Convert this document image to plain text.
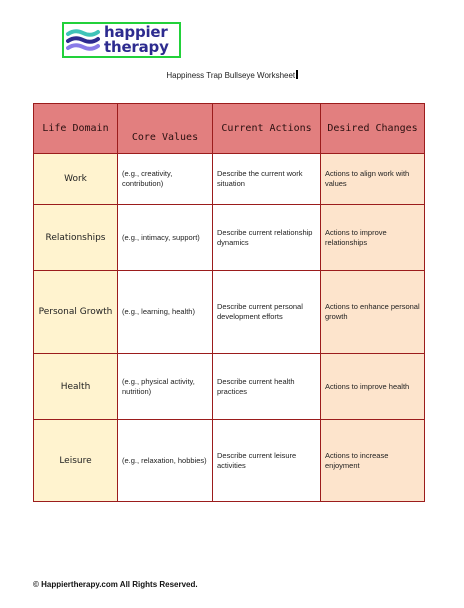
happier
therapy
Happiness Trap Bullseye Worksheet
Life Domain	Core Values	Current Actions	Desired Changes
Work	(e.g., creativity, contribution)	Describe the current work situation	Actions to align work with values
Relationships	(e.g., intimacy, support)	Describe current relationship dynamics	Actions to improve relationships
Personal Growth	(e.g., learning, health)	Describe current personal development efforts	Actions to enhance personal growth
Health	(e.g., physical activity, nutrition)	Describe current health practices	Actions to improve health
Leisure	(e.g., relaxation, hobbies)	Describe current leisure activities	Actions to increase enjoyment
© Happiertherapy.com All Rights Reserved.
